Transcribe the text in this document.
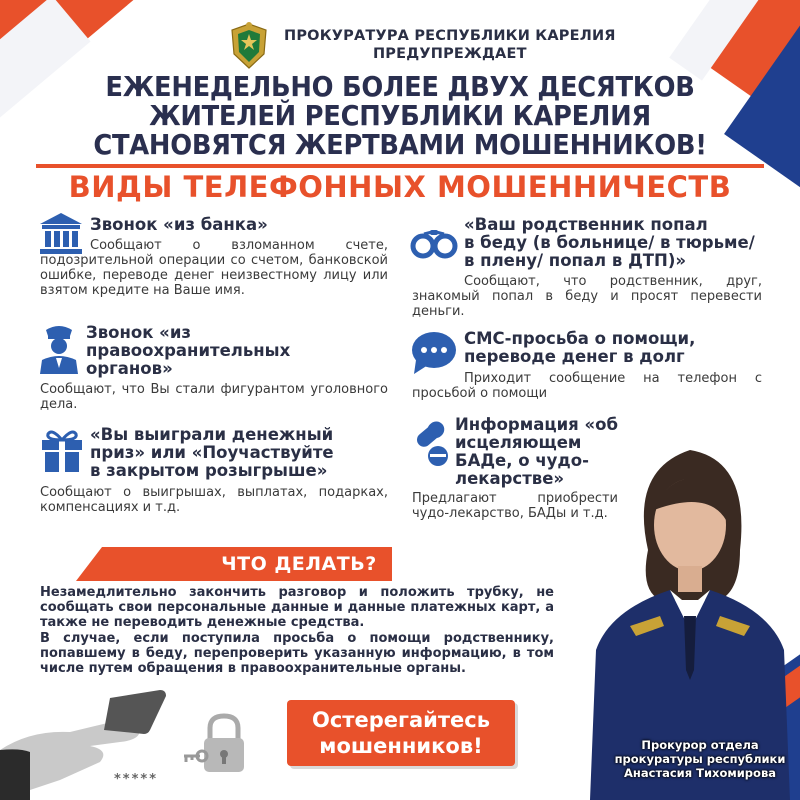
ПРОКУРАТУРА РЕСПУБЛИКИ КАРЕЛИЯ
ПРЕДУПРЕЖДАЕТ
ЕЖЕНЕДЕЛЬНО БОЛЕЕ ДВУХ ДЕСЯТКОВ
ЖИТЕЛЕЙ РЕСПУБЛИКИ КАРЕЛИЯ
СТАНОВЯТСЯ ЖЕРТВАМИ МОШЕННИКОВ!
ВИДЫ ТЕЛЕФОННЫХ МОШЕННИЧЕСТВ
Звонок «из банка»
Сообщают о взломанном счете, подозрительной операции со счетом, банковской ошибке, переводе денег неизвестному лицу или взятом кредите на Ваше имя.
Звонок «из
правоохранительных
органов»
Сообщают, что Вы стали фигурантом уголовного дела.
«Вы выиграли денежный
приз» или «Поучаствуйте
в закрытом розыгрыше»
Сообщают о выигрышах, выплатах, подарках, компенсациях и т.д.
«Ваш родственник попал
в беду (в больнице/ в тюрьме/
в плену/ попал в ДТП)»
Сообщают, что родственник, друг, знакомый попал в беду и просят перевести деньги.
СМС-просьба о помощи,
переводе денег в долг
Приходит сообщение на телефон с просьбой о помощи
Информация «об
исцеляющем
БАДе, о чудо-
лекарстве»
Предлагают приобрести чудо-лекарство, БАДы и т.д.
ЧТО ДЕЛАТЬ?

Незамедлительно закончить разговор и положить трубку, не сообщать свои персональные данные и данные платежных карт, а также не переводить денежные средства.

В случае, если поступила просьба о помощи родственнику, попавшему в беду, перепроверить указанную информацию, в том числе путем обращения в правоохранительные органы.

*****
Остерегайтесь
мошенников!	Прокурор отдела
прокуратуры республики
Анастасия Тихомирова
